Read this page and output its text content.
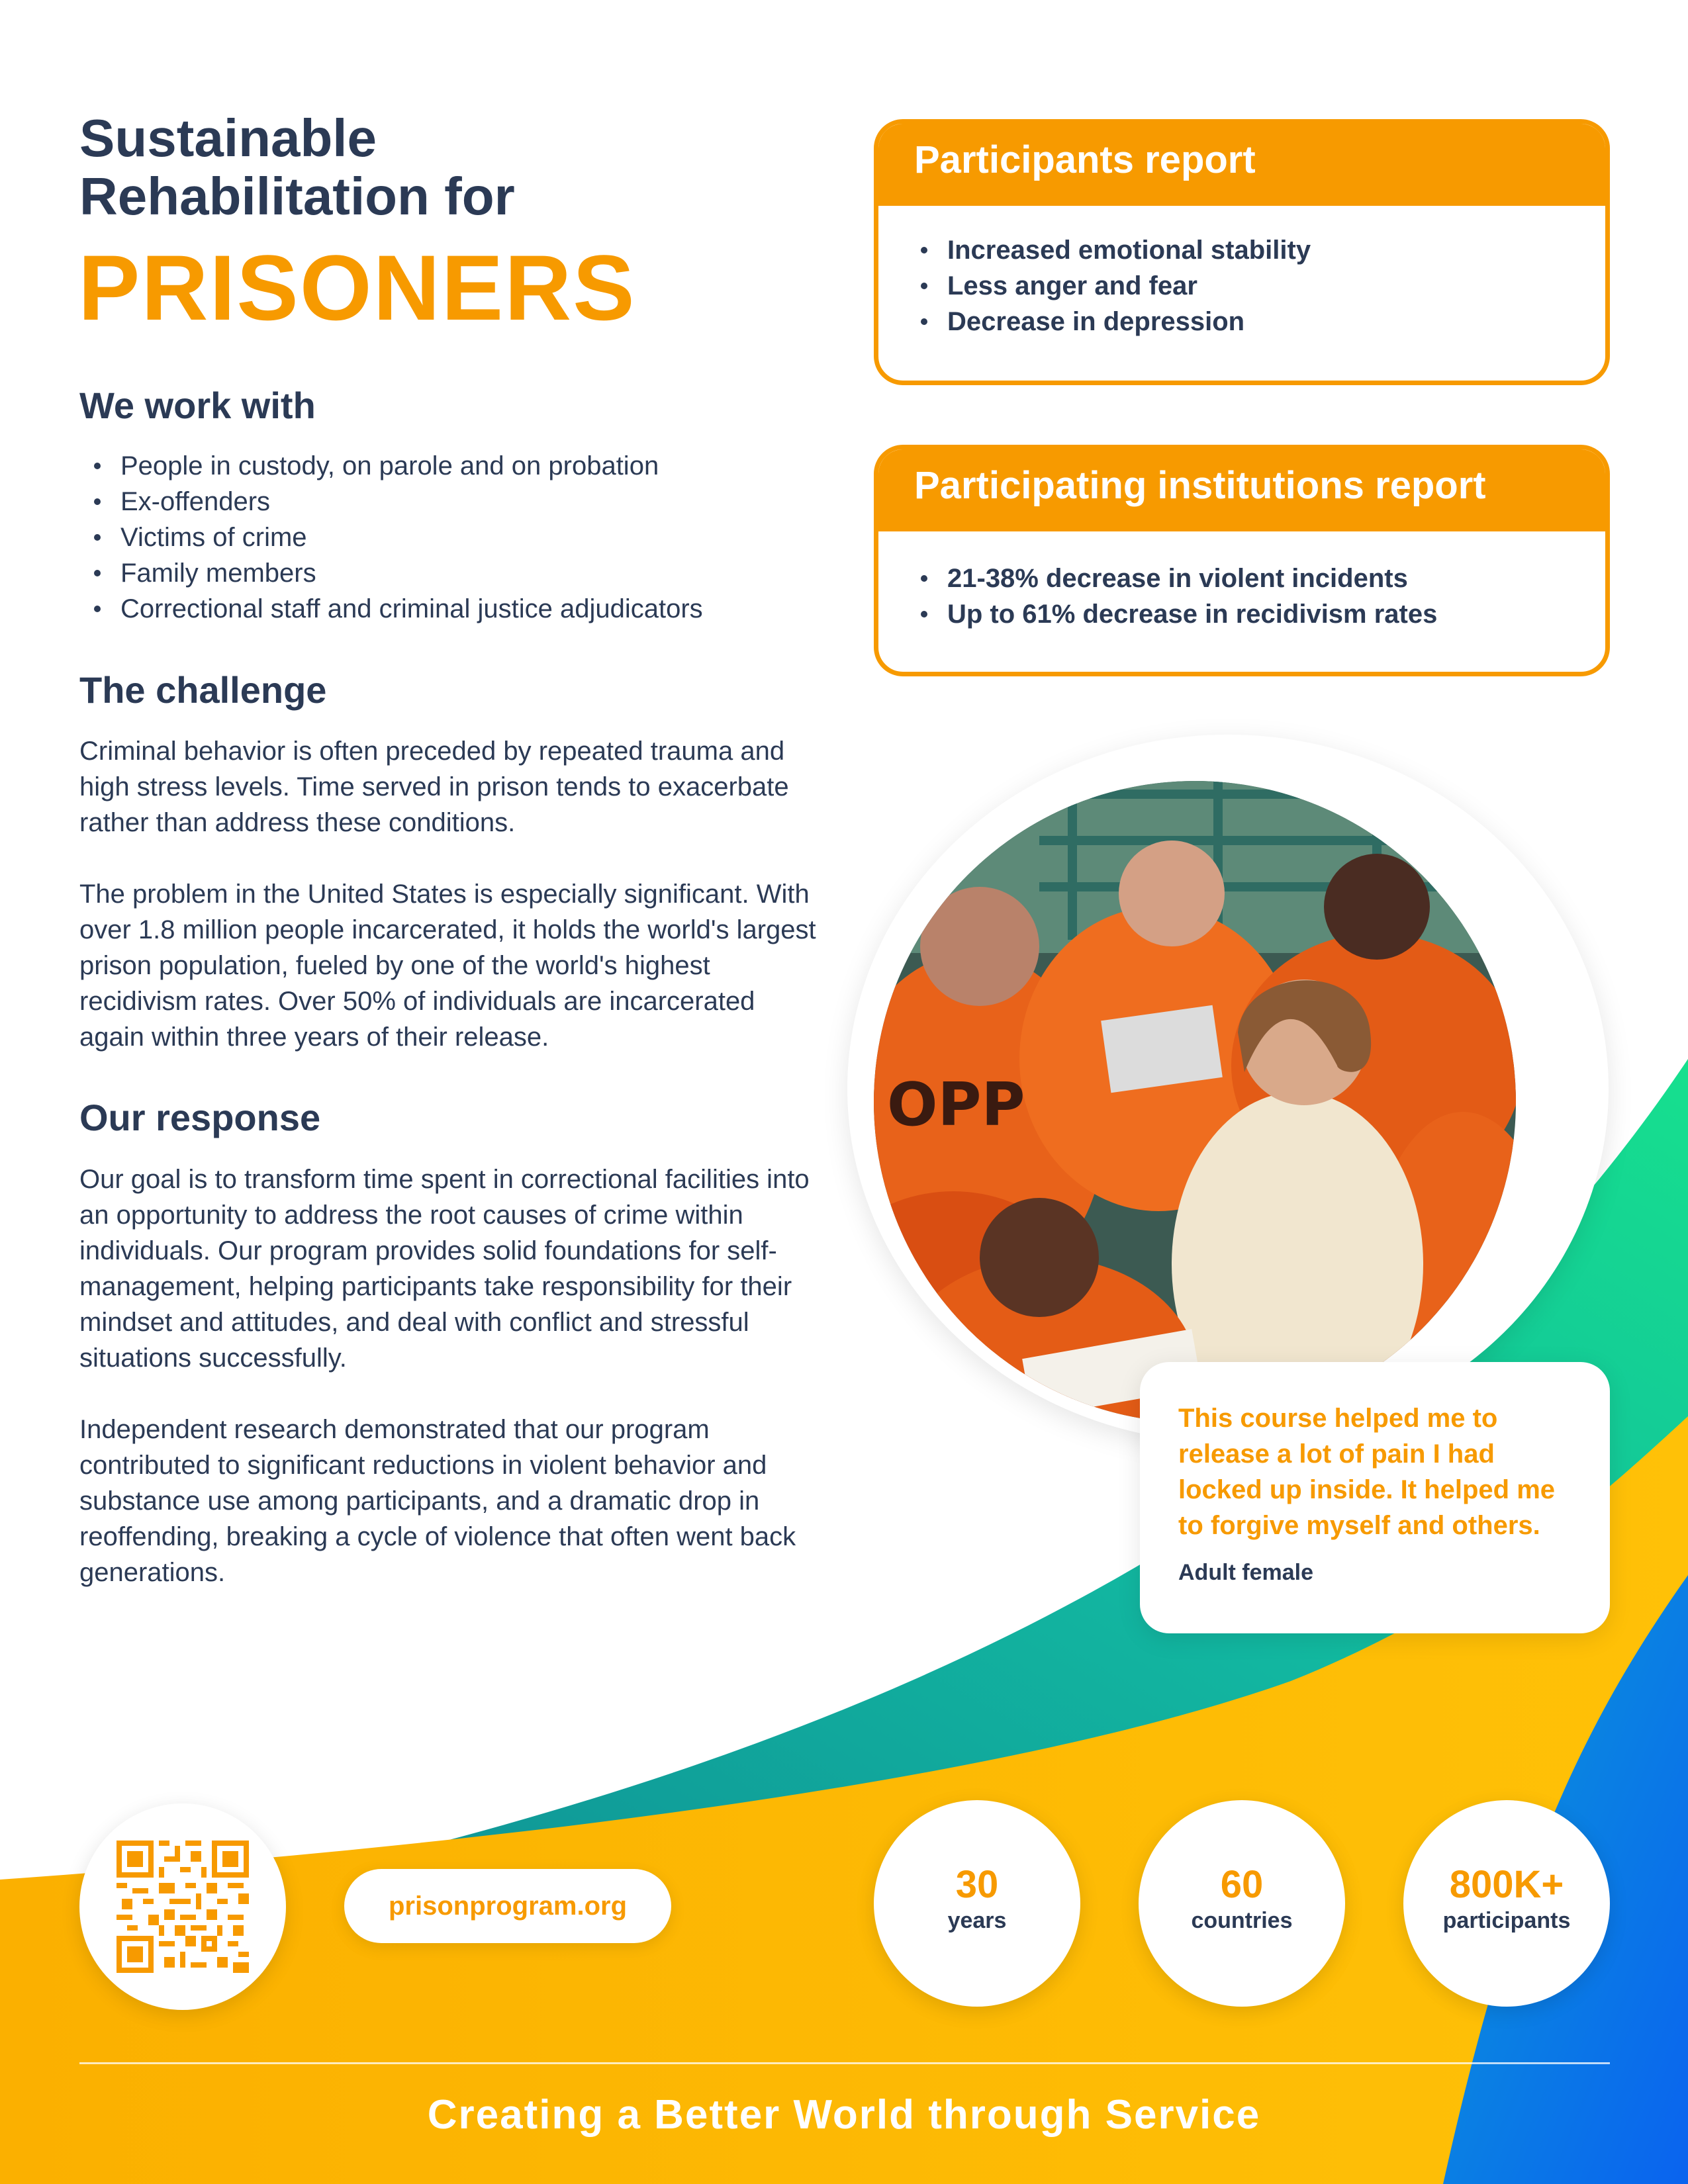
Sustainable
Rehabilitation for
PRISONERS
We work with
People in custody, on parole and on probation
Ex-offenders
Victims of crime
Family members
Correctional staff and criminal justice adjudicators
The challenge
Criminal behavior is often preceded by repeated trauma and high stress levels. Time served in prison tends to exacerbate rather than address these conditions.
The problem in the United States is especially significant. With over 1.8 million people incarcerated, it holds the world's largest prison population, fueled by one of the world's highest recidivism rates. Over 50% of individuals are incarcerated again within three years of their release.
Our response
Our goal is to transform time spent in correctional facilities into an opportunity to address the root causes of crime within individuals. Our program provides solid foundations for self-management, helping participants take responsibility for their mindset and attitudes, and deal with conflict and stressful situations successfully.
Independent research demonstrated that our program contributed to significant reductions in violent behavior and substance use among participants, and a dramatic drop in reoffending, breaking a cycle of violence that often went back generations.
Participants report
Increased emotional stability
Less anger and fear
Decrease in depression
Participating institutions report
21-38% decrease in violent incidents
Up to 61% decrease in recidivism rates
OPP
This course helped me to release a lot of pain I had locked up inside. It helped me to forgive myself and others.
Adult female
prisonprogram.org	30
years
60
countries
800K+
participants
Creating a Better World through Service
